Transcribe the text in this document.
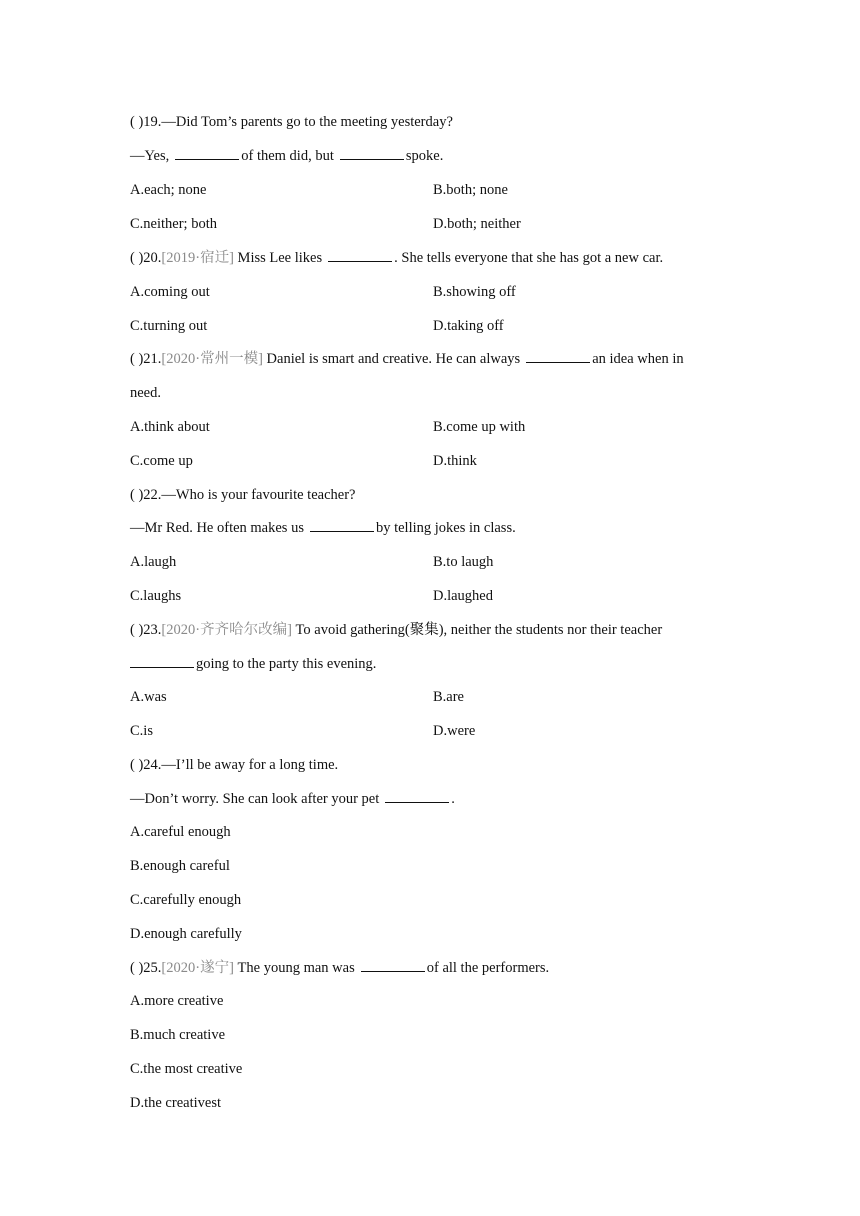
( )19.—Did Tom’s parents go to the meeting yesterday?
—Yes,	of them did, but	spoke.
A.each; none	B.both; none
C.neither; both	D.both; neither
( )20.[2019·宿迁] Miss Lee likes	. She tells everyone that she has got a new car.
A.coming out	B.showing off
C.turning out	D.taking off
( )21.[2020·常州一模] Daniel is smart and creative. He can always	an idea when in
need.
A.think about	B.come up with
C.come up	D.think
( )22.—Who is your favourite teacher?
—Mr Red. He often makes us	by telling jokes in class.
A.laugh	B.to laugh
C.laughs	D.laughed
( )23.[2020·齐齐哈尔改编] To avoid gathering(聚集), neither the students nor their teacher
going to the party this evening.
A.was	B.are
C.is	D.were
( )24.—I’ll be away for a long time.
—Don’t worry. She can look after your pet	.
A.careful enough
B.enough careful
C.carefully enough
D.enough carefully
( )25.[2020·遂宁] The young man was	of all the performers.
A.more creative
B.much creative
C.the most creative
D.the creativest
